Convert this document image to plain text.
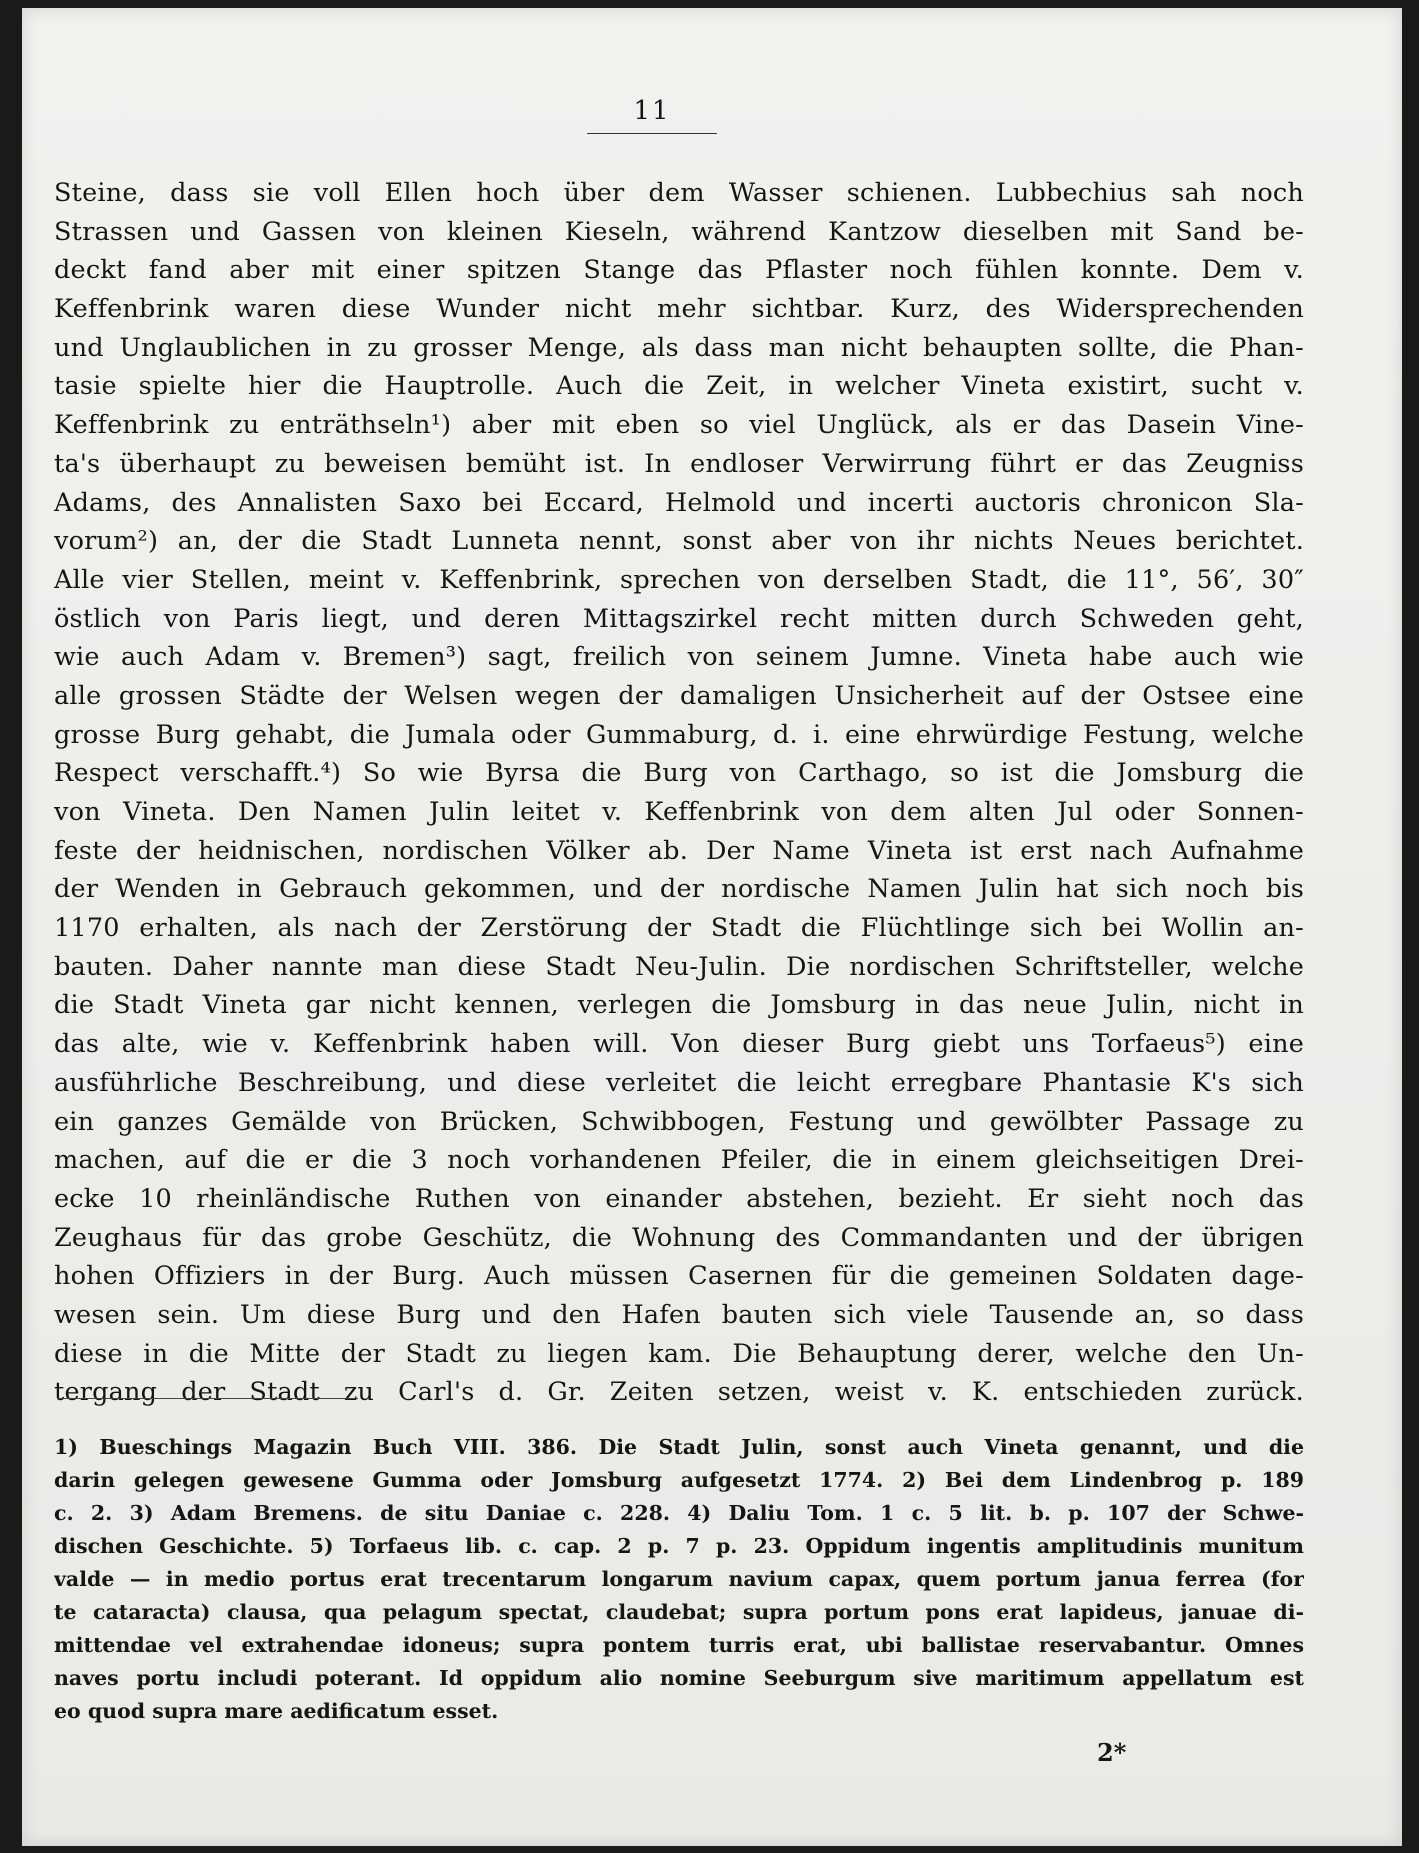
11
Steine, dass sie voll Ellen hoch über dem Wasser schienen. Lubbechius sah noch
Strassen und Gassen von kleinen Kieseln, während Kantzow dieselben mit Sand be-
deckt fand aber mit einer spitzen Stange das Pflaster noch fühlen konnte. Dem v.
Keffenbrink waren diese Wunder nicht mehr sichtbar. Kurz, des Widersprechenden
und Unglaublichen in zu grosser Menge, als dass man nicht behaupten sollte, die Phan-
tasie spielte hier die Hauptrolle. Auch die Zeit, in welcher Vineta existirt, sucht v.
Keffenbrink zu enträthseln¹) aber mit eben so viel Unglück, als er das Dasein Vine-
ta's überhaupt zu beweisen bemüht ist. In endloser Verwirrung führt er das Zeugniss
Adams, des Annalisten Saxo bei Eccard, Helmold und incerti auctoris chronicon Sla-
vorum²) an, der die Stadt Lunneta nennt, sonst aber von ihr nichts Neues berichtet.
Alle vier Stellen, meint v. Keffenbrink, sprechen von derselben Stadt, die 11°, 56′, 30″
östlich von Paris liegt, und deren Mittagszirkel recht mitten durch Schweden geht,
wie auch Adam v. Bremen³) sagt, freilich von seinem Jumne. Vineta habe auch wie
alle grossen Städte der Welsen wegen der damaligen Unsicherheit auf der Ostsee eine
grosse Burg gehabt, die Jumala oder Gummaburg, d. i. eine ehrwürdige Festung, welche
Respect verschafft.⁴) So wie Byrsa die Burg von Carthago, so ist die Jomsburg die
von Vineta. Den Namen Julin leitet v. Keffenbrink von dem alten Jul oder Sonnen-
feste der heidnischen, nordischen Völker ab. Der Name Vineta ist erst nach Aufnahme
der Wenden in Gebrauch gekommen, und der nordische Namen Julin hat sich noch bis
1170 erhalten, als nach der Zerstörung der Stadt die Flüchtlinge sich bei Wollin an-
bauten. Daher nannte man diese Stadt Neu-Julin. Die nordischen Schriftsteller, welche
die Stadt Vineta gar nicht kennen, verlegen die Jomsburg in das neue Julin, nicht in
das alte, wie v. Keffenbrink haben will. Von dieser Burg giebt uns Torfaeus⁵) eine
ausführliche Beschreibung, und diese verleitet die leicht erregbare Phantasie K's sich
ein ganzes Gemälde von Brücken, Schwibbogen, Festung und gewölbter Passage zu
machen, auf die er die 3 noch vorhandenen Pfeiler, die in einem gleichseitigen Drei-
ecke 10 rheinländische Ruthen von einander abstehen, bezieht. Er sieht noch das
Zeughaus für das grobe Geschütz, die Wohnung des Commandanten und der übrigen
hohen Offiziers in der Burg. Auch müssen Casernen für die gemeinen Soldaten dage-
wesen sein. Um diese Burg und den Hafen bauten sich viele Tausende an, so dass
diese in die Mitte der Stadt zu liegen kam. Die Behauptung derer, welche den Un-
tergang der Stadt zu Carl's d. Gr. Zeiten setzen, weist v. K. entschieden zurück.
1) Bueschings Magazin Buch VIII. 386. Die Stadt Julin, sonst auch Vineta genannt, und die
darin gelegen gewesene Gumma oder Jomsburg aufgesetzt 1774. 2) Bei dem Lindenbrog p. 189
c. 2. 3) Adam Bremens. de situ Daniae c. 228. 4) Daliu Tom. 1 c. 5 lit. b. p. 107 der Schwe-
dischen Geschichte. 5) Torfaeus lib. c. cap. 2 p. 7 p. 23. Oppidum ingentis amplitudinis munitum
valde — in medio portus erat trecentarum longarum navium capax, quem portum janua ferrea (for
te cataracta) clausa, qua pelagum spectat, claudebat; supra portum pons erat lapideus, januae di-
mittendae vel extrahendae idoneus; supra pontem turris erat, ubi ballistae reservabantur. Omnes
naves portu includi poterant. Id oppidum alio nomine Seeburgum sive maritimum appellatum est
eo quod supra mare aedificatum esset.
2*
